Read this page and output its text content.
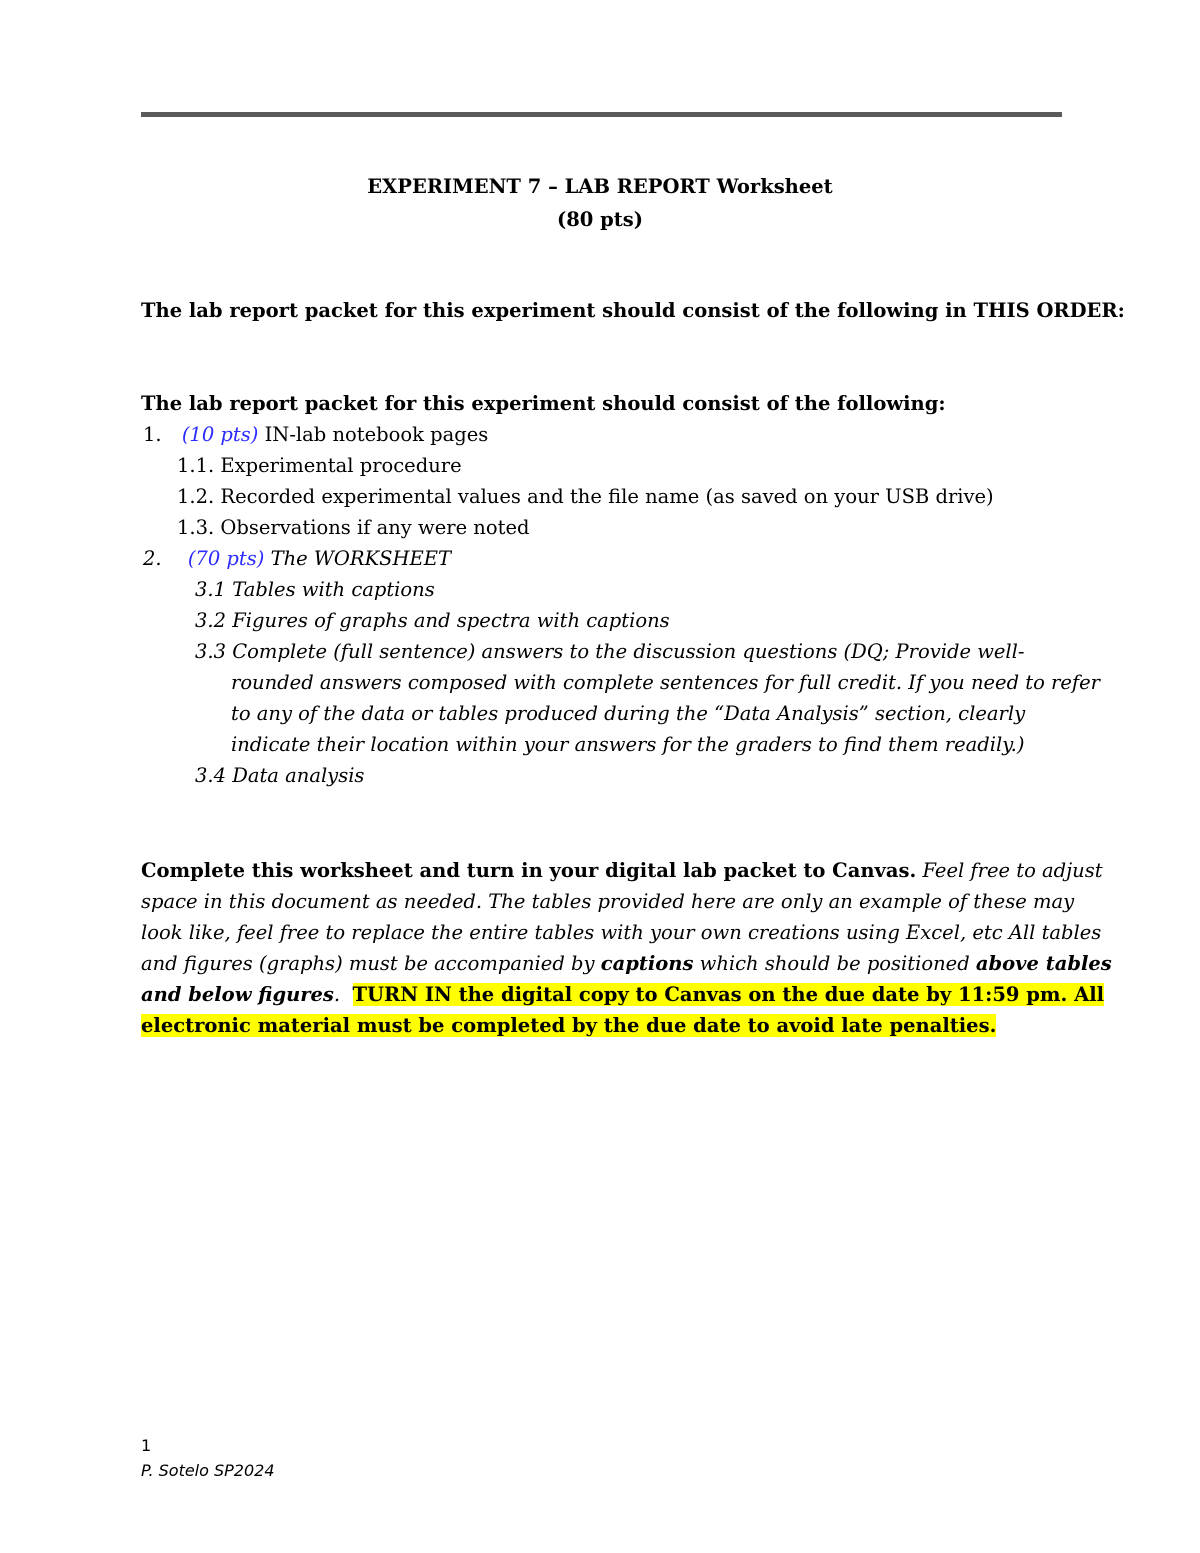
EXPERIMENT 7 – LAB REPORT Worksheet
(80 pts)
The lab report packet for this experiment should consist of the following in THIS ORDER:
The lab report packet for this experiment should consist of the following:
1. (10 pts) IN-lab notebook pages
1.1. Experimental procedure
1.2. Recorded experimental values and the file name (as saved on your USB drive)
1.3. Observations if any were noted
2. (70 pts) The WORKSHEET
3.1 Tables with captions
3.2 Figures of graphs and spectra with captions
3.3 Complete (full sentence) answers to the discussion questions (DQ; Provide well-
rounded answers composed with complete sentences for full credit. If you need to refer
to any of the data or tables produced during the “Data Analysis” section, clearly
indicate their location within your answers for the graders to find them readily.)
3.4 Data analysis
Complete this worksheet and turn in your digital lab packet to Canvas. Feel free to adjust
space in this document as needed. The tables provided here are only an example of these may
look like, feel free to replace the entire tables with your own creations using Excel, etc All tables
and figures (graphs) must be accompanied by captions which should be positioned above tables
and below figures. TURN IN the digital copy to Canvas on the due date by 11:59 pm. All
electronic material must be completed by the due date to avoid late penalties.
1
P. Sotelo SP2024
